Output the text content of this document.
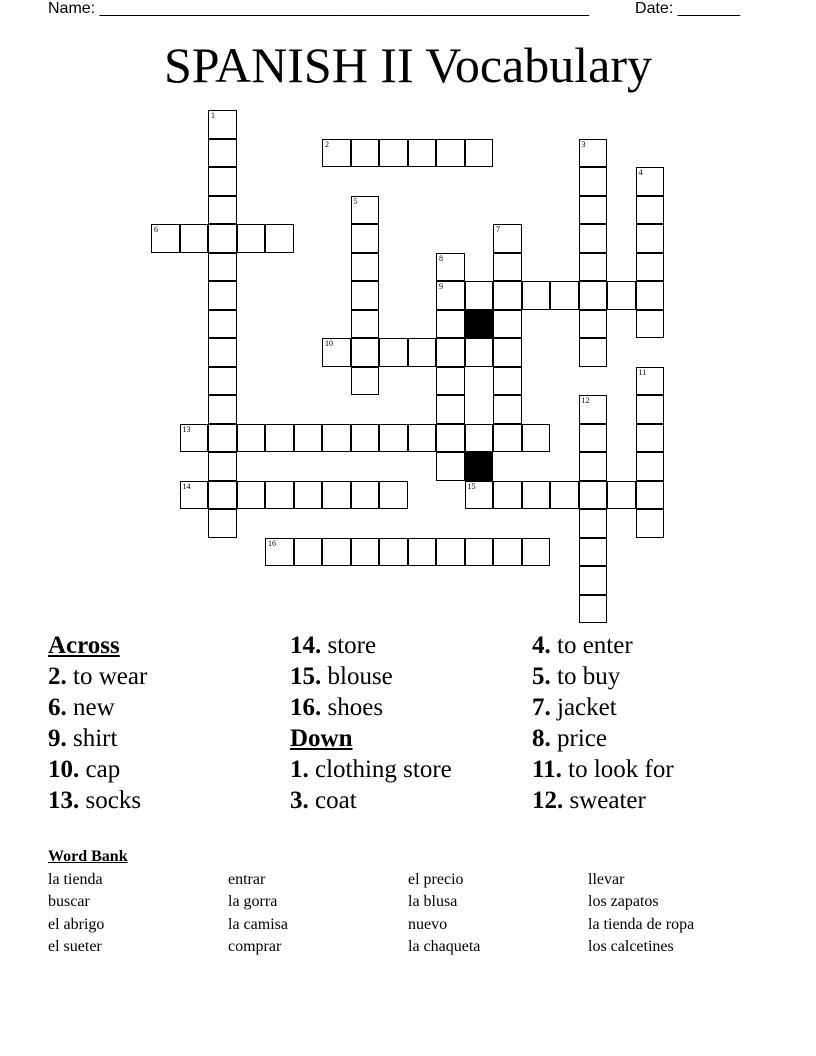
Name: _______________________________________________________	Date: _______
SPANISH II Vocabulary
1
2	3
4
5
6	7
8
9
10
11
12
13
14	15
16
Across
2. to wear
6. new
9. shirt
10. cap
13. socks
14. store
15. blouse
16. shoes
Down
1. clothing store
3. coat
4. to enter
5. to buy
7. jacket
8. price
11. to look for
12. sweater
Word Bank
la tienda	entrar	el precio	llevar
buscar	la gorra	la blusa	los zapatos
el abrigo	la camisa	nuevo	la tienda de ropa
el sueter	comprar	la chaqueta	los calcetines
